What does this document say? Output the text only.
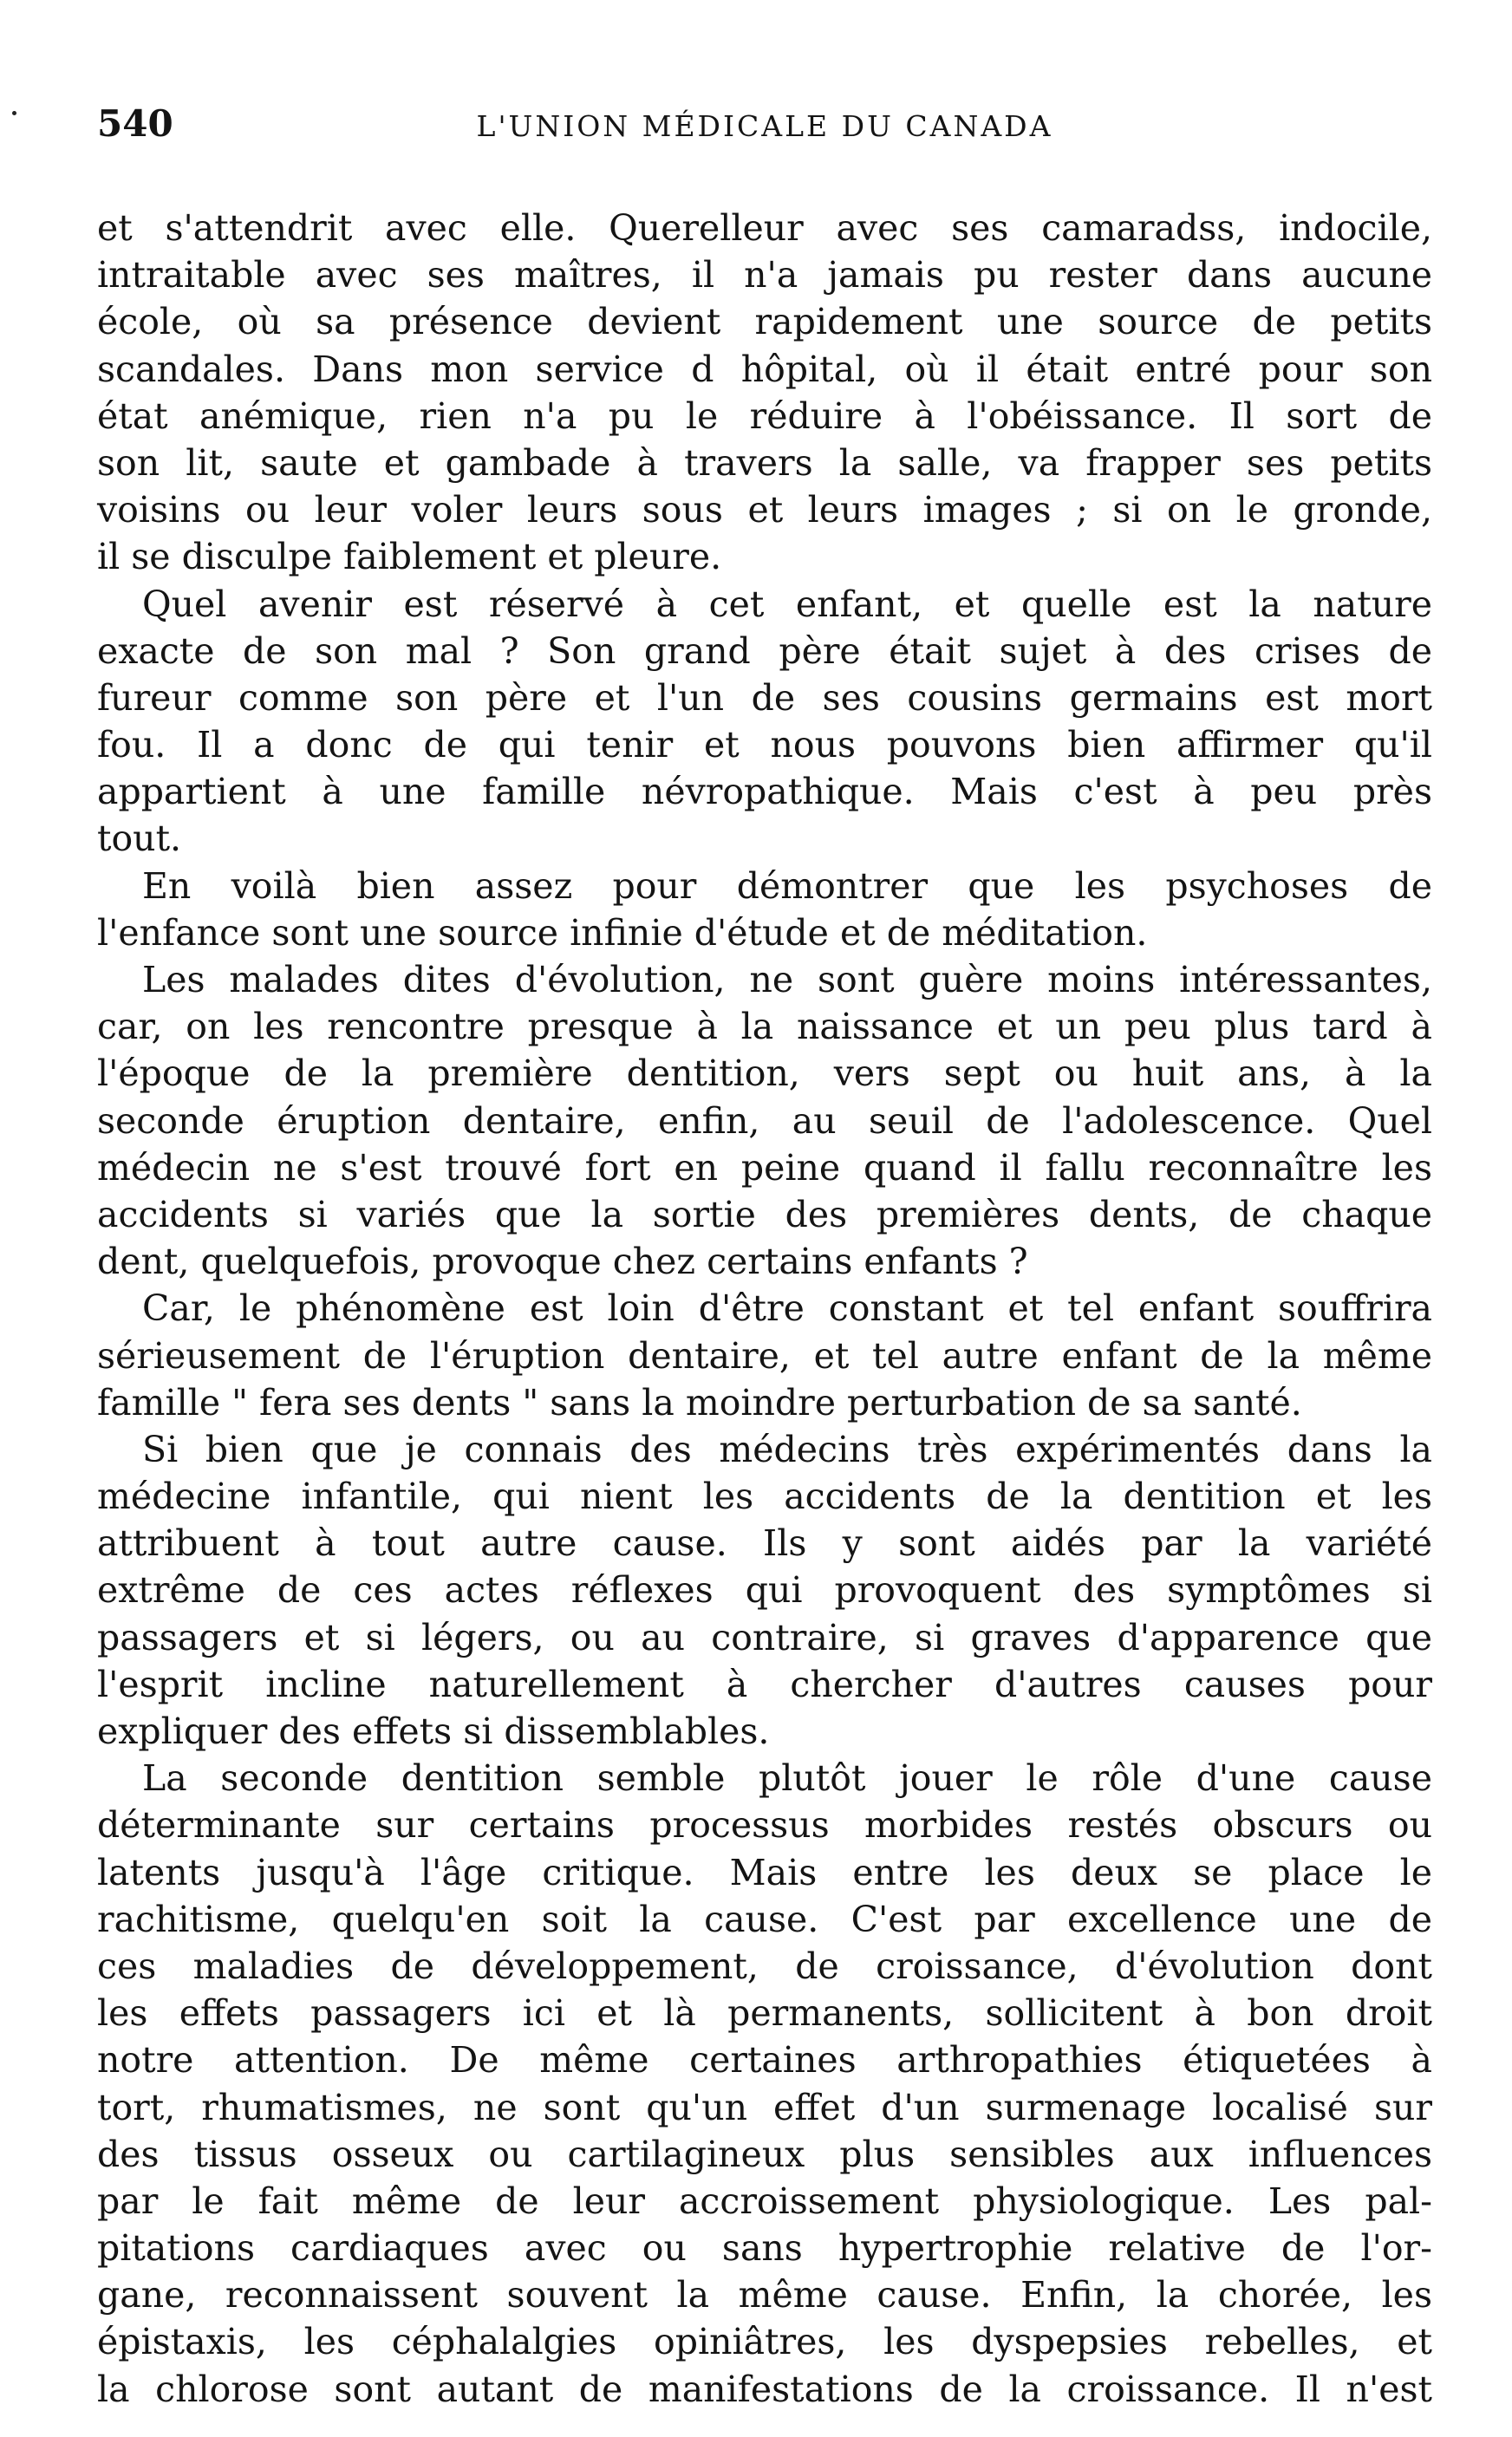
540	L'UNION MÉDICALE DU CANADA
et s'attendrit avec elle. Querelleur avec ses camaradss, indocile,
intraitable avec ses maîtres, il n'a jamais pu rester dans aucune
école, où sa présence devient rapidement une source de petits
scandales. Dans mon service d hôpital, où il était entré pour son
état anémique, rien n'a pu le réduire à l'obéissance. Il sort de
son lit, saute et gambade à travers la salle, va frapper ses petits
voisins ou leur voler leurs sous et leurs images ; si on le gronde,
il se disculpe faiblement et pleure.
Quel avenir est réservé à cet enfant, et quelle est la nature
exacte de son mal ? Son grand père était sujet à des crises de
fureur comme son père et l'un de ses cousins germains est mort
fou. Il a donc de qui tenir et nous pouvons bien affirmer qu'il
appartient à une famille névropathique. Mais c'est à peu près
tout.
En voilà bien assez pour démontrer que les psychoses de
l'enfance sont une source infinie d'étude et de méditation.
Les malades dites d'évolution, ne sont guère moins intéressantes,
car, on les rencontre presque à la naissance et un peu plus tard à
l'époque de la première dentition, vers sept ou huit ans, à la
seconde éruption dentaire, enfin, au seuil de l'adolescence. Quel
médecin ne s'est trouvé fort en peine quand il fallu reconnaître les
accidents si variés que la sortie des premières dents, de chaque
dent, quelquefois, provoque chez certains enfants ?
Car, le phénomène est loin d'être constant et tel enfant souffrira
sérieusement de l'éruption dentaire, et tel autre enfant de la même
famille " fera ses dents " sans la moindre perturbation de sa santé.
Si bien que je connais des médecins très expérimentés dans la
médecine infantile, qui nient les accidents de la dentition et les
attribuent à tout autre cause. Ils y sont aidés par la variété
extrême de ces actes réflexes qui provoquent des symptômes si
passagers et si légers, ou au contraire, si graves d'apparence que
l'esprit incline naturellement à chercher d'autres causes pour
expliquer des effets si dissemblables.
La seconde dentition semble plutôt jouer le rôle d'une cause
déterminante sur certains processus morbides restés obscurs ou
latents jusqu'à l'âge critique. Mais entre les deux se place le
rachitisme, quelqu'en soit la cause. C'est par excellence une de
ces maladies de développement, de croissance, d'évolution dont
les effets passagers ici et là permanents, sollicitent à bon droit
notre attention. De même certaines arthropathies étiquetées à
tort, rhumatismes, ne sont qu'un effet d'un surmenage localisé sur
des tissus osseux ou cartilagineux plus sensibles aux influences
par le fait même de leur accroissement physiologique. Les pal-
pitations cardiaques avec ou sans hypertrophie relative de l'or-
gane, reconnaissent souvent la même cause. Enfin, la chorée, les
épistaxis, les céphalalgies opiniâtres, les dyspepsies rebelles, et
la chlorose sont autant de manifestations de la croissance. Il n'est
